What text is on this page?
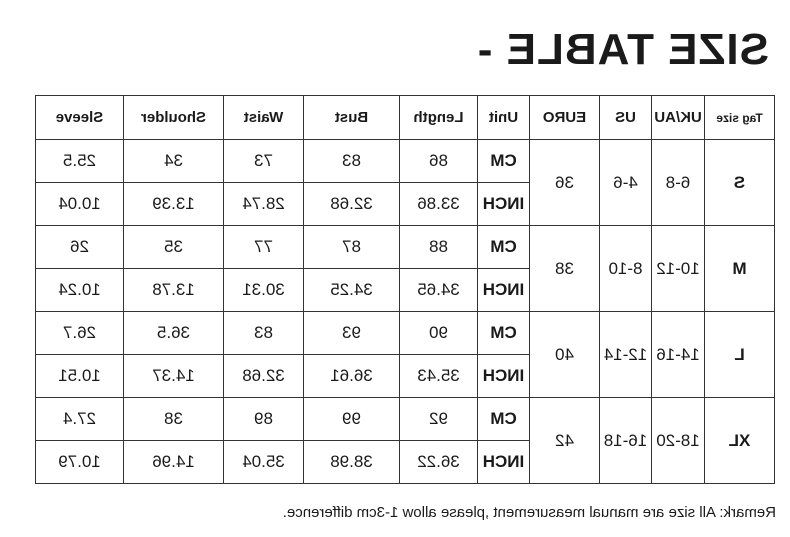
SIZE TABLE -
Tag size	UK/AU	US	EURO	Unit	Length	Bust	Waist	Shoulder	Sleeve
S	6-8	4-6	36	CM	86	83	73	34	25.5
				INCH	33.86	32.68	28.74	13.39	10.04
M	10-12	8-10	38	CM	88	87	77	35	26
				INCH	34.65	34.25	30.31	13.78	10.24
L	14-16	12-14	40	CM	90	93	83	36.5	26.7
				INCH	35.43	36.61	32.68	14.37	10.51
XL	18-20	16-18	42	CM	92	99	89	38	27.4
				INCH	36.22	38.98	35.04	14.96	10.79
Remark: All size are manual measurement ,please allow 1-3cm difference.
